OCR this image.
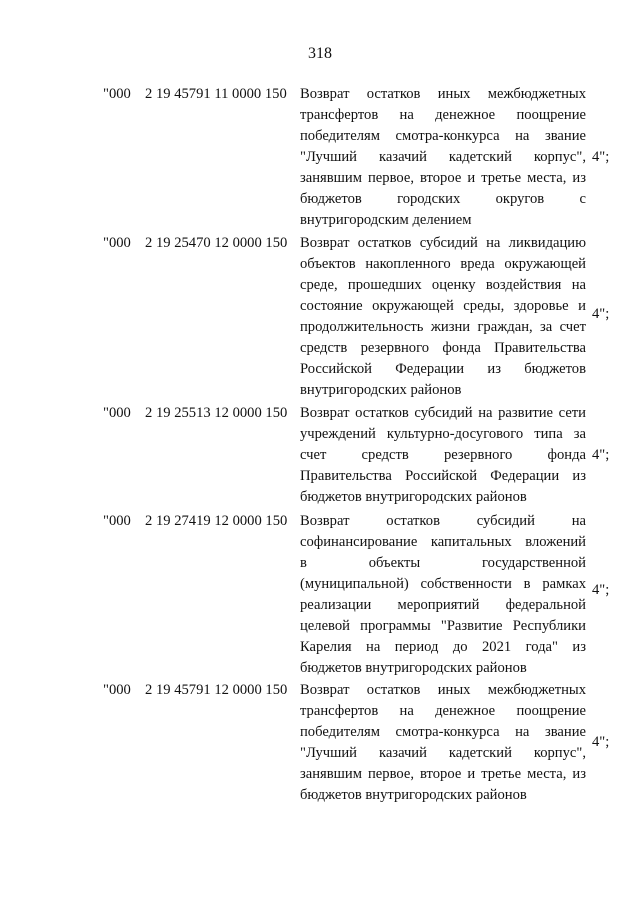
318
"000 2 19 45791 11 0000 150 Возврат остатков иных межбюджетных
трансфертов на денежное поощрение
победителям смотра-конкурса на звание
"Лучший казачий кадетский корпус",
занявшим первое, второе и третье места, из
бюджетов городских округов с
внутригородским делением
4";
"000 2 19 25470 12 0000 150 Возврат остатков субсидий на ликвидацию
объектов накопленного вреда окружающей
среде, прошедших оценку воздействия на
состояние окружающей среды, здоровье и
продолжительность жизни граждан, за счет
средств резервного фонда Правительства
Российской Федерации из бюджетов
внутригородских районов
4";
"000 2 19 25513 12 0000 150 Возврат остатков субсидий на развитие сети
учреждений культурно-досугового типа за
счет средств резервного фонда
Правительства Российской Федерации из
бюджетов внутригородских районов
4";
"000 2 19 27419 12 0000 150 Возврат остатков субсидий на
софинансирование капитальных вложений
в объекты государственной
(муниципальной) собственности в рамках
реализации мероприятий федеральной
целевой программы "Развитие Республики
Карелия на период до 2021 года" из
бюджетов внутригородских районов
4";
"000 2 19 45791 12 0000 150 Возврат остатков иных межбюджетных
трансфертов на денежное поощрение
победителям смотра-конкурса на звание
"Лучший казачий кадетский корпус",
занявшим первое, второе и третье места, из
бюджетов внутригородских районов
4";
